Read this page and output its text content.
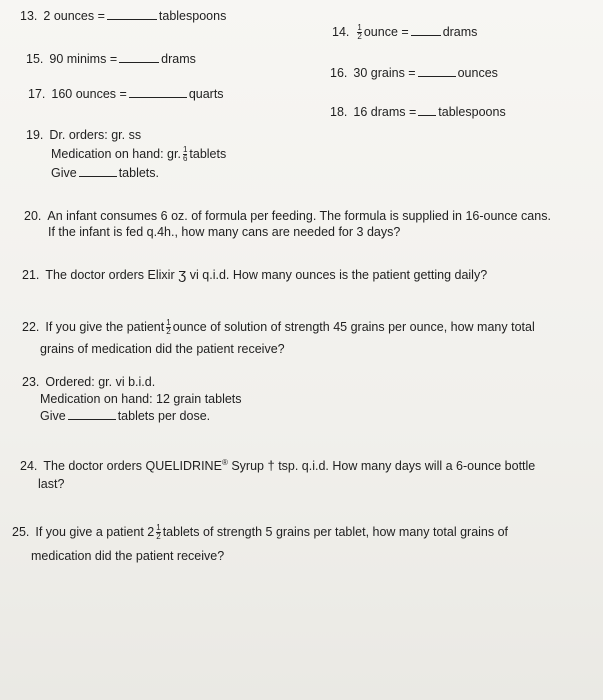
13. 2 ounces =	tablespoons
14. $\frac{1}{2}$ ounce =	drams
15. 90 minims =	drams
16. 30 grains =	ounces
17. 160 ounces =	quarts
18. 16 drams = tablespoons
19. Dr. orders: gr. ss
Medication on hand: gr. $\frac{1}{6}$ tablets
Give	tablets.
20. An infant consumes 6 oz. of formula per feeding. The formula is supplied in 16-ounce cans.
If the infant is fed q.4h., how many cans are needed for 3 days?
21. The doctor orders Elixir ʒ vi q.i.d. How many ounces is the patient getting daily?
22. If you give the patient $\frac{1}{2}$ ounce of solution of strength 45 grains per ounce, how many total
grains of medication did the patient receive?
23. Ordered: gr. vi b.i.d.
Medication on hand: 12 grain tablets
Give	tablets per dose.
24. The doctor orders QUELIDRINE® Syrup † tsp. q.i.d. How many days will a 6-ounce bottle
last?
25. If you give a patient $2 \frac{1}{2}$ tablets of strength 5 grains per tablet, how many total grains of
medication did the patient receive?
